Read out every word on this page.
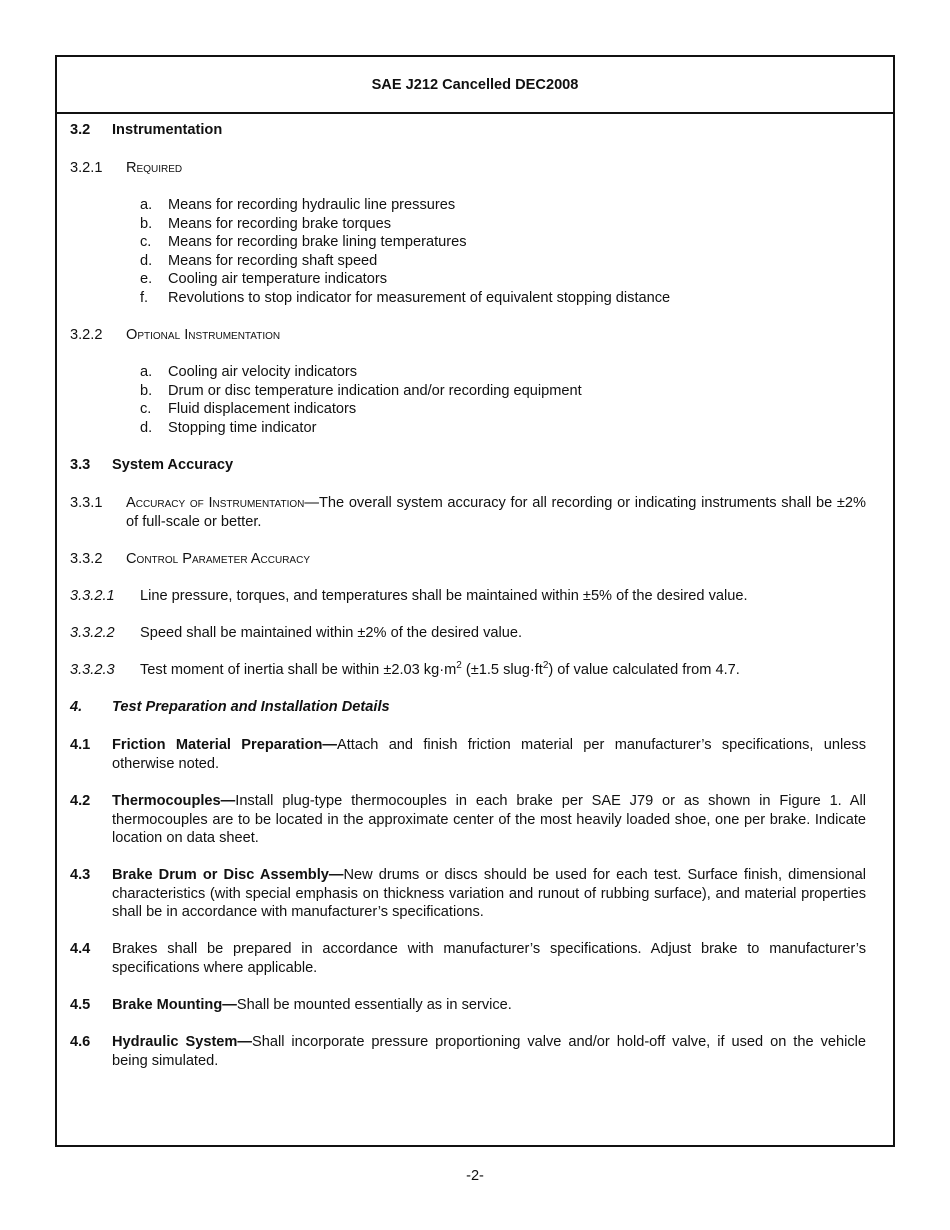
SAE J212 Cancelled DEC2008
3.2 Instrumentation
3.2.1 Required
a. Means for recording hydraulic line pressures
b. Means for recording brake torques
c. Means for recording brake lining temperatures
d. Means for recording shaft speed
e. Cooling air temperature indicators
f. Revolutions to stop indicator for measurement of equivalent stopping distance
3.2.2 Optional Instrumentation
a. Cooling air velocity indicators
b. Drum or disc temperature indication and/or recording equipment
c. Fluid displacement indicators
d. Stopping time indicator
3.3 System Accuracy
3.3.1 Accuracy of Instrumentation—The overall system accuracy for all recording or indicating instruments shall be ±2% of full-scale or better.
3.3.2 Control Parameter Accuracy
3.3.2.1 Line pressure, torques, and temperatures shall be maintained within ±5% of the desired value.
3.3.2.2 Speed shall be maintained within ±2% of the desired value.
3.3.2.3 Test moment of inertia shall be within ±2.03 $kg\cdot m^2$ (±1.5 $slug\cdot ft^2$) of value calculated from 4.7.
4. Test Preparation and Installation Details
4.1 Friction Material Preparation—Attach and finish friction material per manufacturer’s specifications, unless otherwise noted.
4.2 Thermocouples—Install plug-type thermocouples in each brake per SAE J79 or as shown in Figure 1. All thermocouples are to be located in the approximate center of the most heavily loaded shoe, one per brake. Indicate location on data sheet.
4.3 Brake Drum or Disc Assembly—New drums or discs should be used for each test. Surface finish, dimensional characteristics (with special emphasis on thickness variation and runout of rubbing surface), and material properties shall be in accordance with manufacturer’s specifications.
4.4 Brakes shall be prepared in accordance with manufacturer’s specifications. Adjust brake to manufacturer’s specifications where applicable.
4.5 Brake Mounting—Shall be mounted essentially as in service.
4.6 Hydraulic System—Shall incorporate pressure proportioning valve and/or hold-off valve, if used on the vehicle being simulated.
-2-
